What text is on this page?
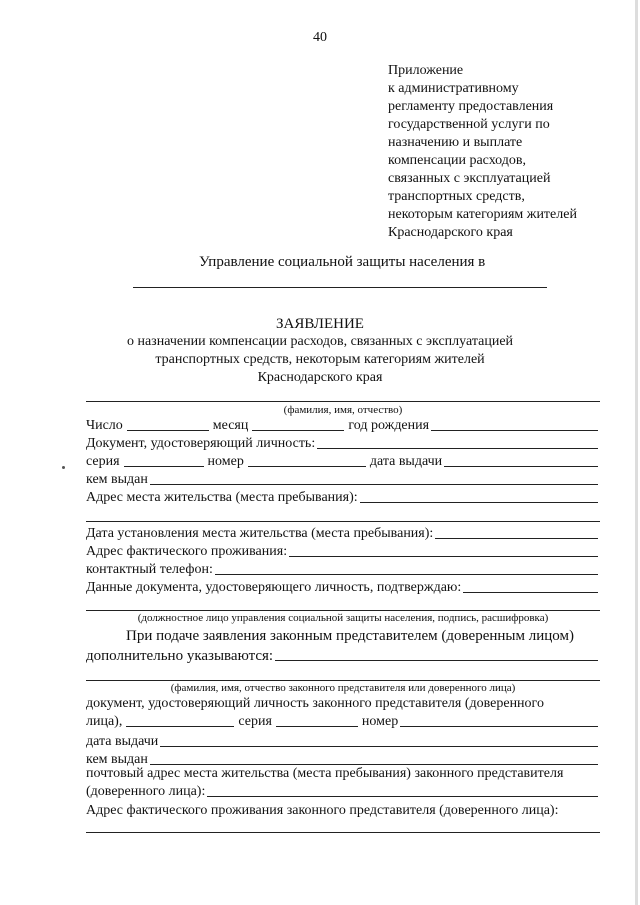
40
Приложение
к административному
регламенту предоставления
государственной услуги по
назначению и выплате
компенсации расходов,
связанных с эксплуатацией
транспортных средств,
некоторым категориям жителей
Краснодарского края
Управление социальной защиты населения в
ЗАЯВЛЕНИЕ
о назначении компенсации расходов, связанных с эксплуатацией
транспортных средств, некоторым категориям жителей
Краснодарского края
(фамилия, имя, отчество)
Число	месяц	год рождения
Документ, удостоверяющий личность:
серия	номер	дата выдачи
кем выдан
Адрес места жительства (места пребывания):
Дата установления места жительства (места пребывания):
Адрес фактического проживания:
контактный телефон:
Данные документа, удостоверяющего личность, подтверждаю:
(должностное лицо управления социальной защиты населения, подпись, расшифровка)
При подаче заявления законным представителем (доверенным лицом)
дополнительно указываются:
(фамилия, имя, отчество законного представителя или доверенного лица)
документ, удостоверяющий личность законного представителя (доверенного
лица),	серия	номер
дата выдачи
кем выдан
почтовый адрес места жительства (места пребывания) законного представителя
(доверенного лица):
Адрес фактического проживания законного представителя (доверенного лица):
